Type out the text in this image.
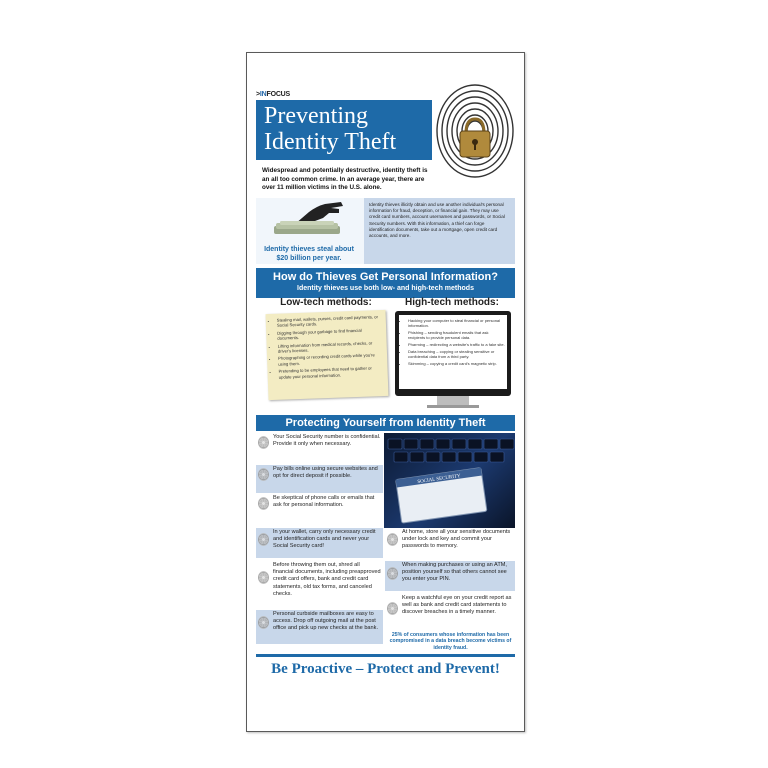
>INFOCUS
Preventing
Identity Theft
Widespread and potentially destructive, identity theft is an all too common crime. In an average year, there are over 11 million victims in the U.S. alone.

Identity thieves illicitly obtain and use another individual's personal information for fraud, deception, or financial gain. They may use credit card numbers, account usernames and passwords, or Social Security numbers. With this information, a thief can forge identification documents, take out a mortgage, open credit card accounts, and more.

Identity thieves steal about $20 billion per year.
How do Thieves Get Personal Information?
Identity thieves use both low- and high-tech methods
Low-tech methods:	High-tech methods:
• Stealing mail, wallets, purses, credit card payments, or Social Security cards.
• Digging through your garbage to find financial documents.
• Lifting information from medical records, checks, or driver's licenses.
• Photographing or recording credit cards while you're using them.
• Pretending to be employees that need to gather or update your personal information.
• Hacking your computer to steal financial or personal information.
• Phishing – sending fraudulent emails that ask recipients to provide personal data.
• Pharming – redirecting a website's traffic to a fake site.
• Data breaching – copying or stealing sensitive or confidential data from a third party.
• Skimming – copying a credit card's magnetic strip.
Protecting Yourself from Identity Theft
SOCIAL SECURITY
Your Social Security number is confidential. Provide it only when necessary.
Pay bills online using secure websites and opt for direct deposit if possible.
Be skeptical of phone calls or emails that ask for personal information.
In your wallet, carry only necessary credit and identification cards and never your Social Security card!
Before throwing them out, shred all financial documents, including preapproved credit card offers, bank and credit card statements, old tax forms, and canceled checks.
Personal curbside mailboxes are easy to access. Drop off outgoing mail at the post office and pick up new checks at the bank.
At home, store all your sensitive documents under lock and key and commit your passwords to memory.
When making purchases or using an ATM, position yourself so that others cannot see you enter your PIN.
Keep a watchful eye on your credit report as well as bank and credit card statements to discover breaches in a timely manner.
25% of consumers whose information has been compromised in a data breach become victims of identity fraud.
Be Proactive – Protect and Prevent!
